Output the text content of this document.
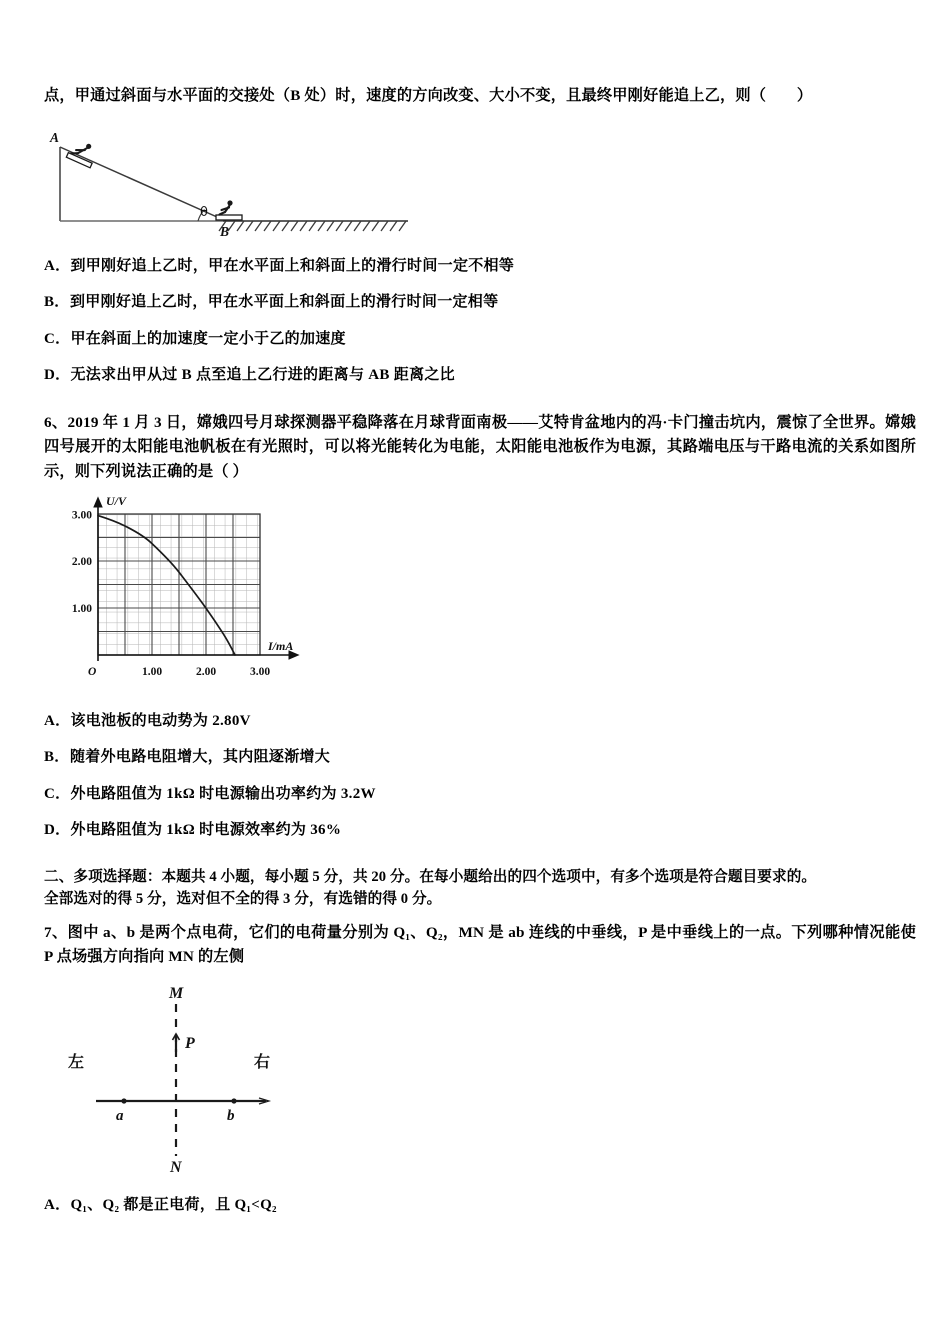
点，甲通过斜面与水平面的交接处（B 处）时，速度的方向改变、大小不变，且最终甲刚好能追上乙，则（　　）

A
B
θ

A．到甲刚好追上乙时，甲在水平面上和斜面上的滑行时间一定不相等

B．到甲刚好追上乙时，甲在水平面上和斜面上的滑行时间一定相等

C．甲在斜面上的加速度一定小于乙的加速度

D．无法求出甲从过 B 点至追上乙行进的距离与 AB 距离之比

6、2019 年 1 月 3 日，嫦娥四号月球探测器平稳降落在月球背面南极——艾特肯盆地内的冯·卡门撞击坑内，震惊了全世界。嫦娥四号展开的太阳能电池帆板在有光照时，可以将光能转化为电能，太阳能电池板作为电源，其路端电压与干路电流的关系如图所示，则下列说法正确的是（ ）

3.00
2.00
1.00
1.00	2.00	3.00
O
U/V
I/mA

A．该电池板的电动势为 2.80V

B．随着外电路电阻增大，其内阻逐渐增大

C．外电路阻值为 1kΩ 时电源输出功率约为 3.2W

D．外电路阻值为 1kΩ 时电源效率约为 36%

二、多项选择题：本题共 4 小题，每小题 5 分，共 20 分。在每小题给出的四个选项中，有多个选项是符合题目要求的。

全部选对的得 5 分，选对但不全的得 3 分，有选错的得 0 分。

7、图中 a、b 是两个点电荷，它们的电荷量分别为 Q₁、Q₂，MN 是 ab 连线的中垂线，P 是中垂线上的一点。下列哪种情况能使 P 点场强方向指向 MN 的左侧

M
N
P
a	b
左	右

A．Q₁、Q₂ 都是正电荷，且 Q₁<Q₂
